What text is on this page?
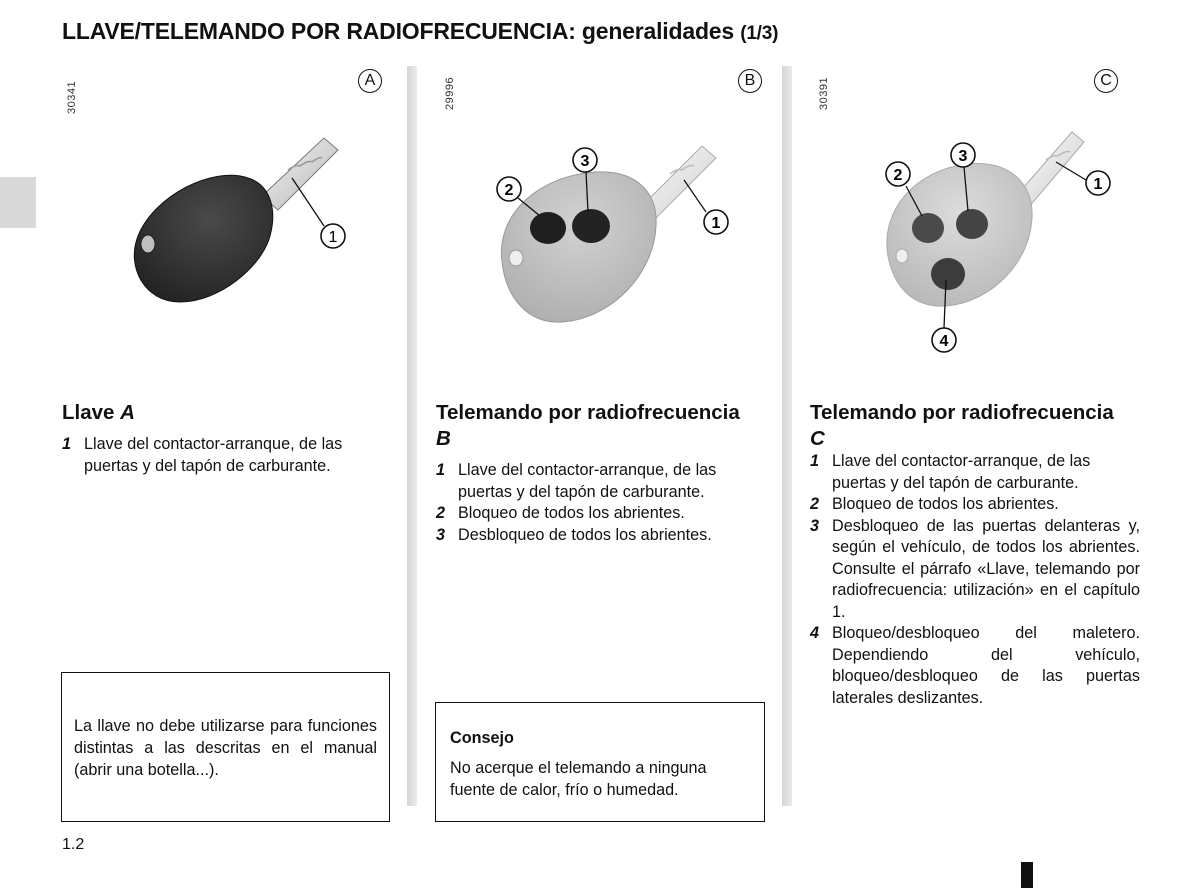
LLAVE/TELEMANDO POR RADIOFRECUENCIA: generalidades (1/3)
30341
A
1
29996	B
2
3
1
30391	C
2
3
1
4
Llave A
1 Llave del contactor-arranque, de las puertas y del tapón de carburante.
La llave no debe utilizarse para funciones distintas a las descritas en el manual (abrir una botella...).
Telemando por radiofrecuencia B
1 Llave del contactor-arranque, de las puertas y del tapón de carburante.
2 Bloqueo de todos los abrientes.
3 Desbloqueo de todos los abrientes.
Consejo
No acerque el telemando a ninguna fuente de calor, frío o humedad.
Telemando por radiofrecuencia C
1 Llave del contactor-arranque, de las puertas y del tapón de carburante.
2 Bloqueo de todos los abrientes.
3 Desbloqueo de las puertas delanteras y, según el vehículo, de todos los abrientes. Consulte el párrafo «Llave, telemando por radiofrecuencia: utilización» en el capítulo 1.
4 Bloqueo/desbloqueo del maletero. Dependiendo del vehículo, bloqueo/desbloqueo de las puertas laterales deslizantes.
1.2
